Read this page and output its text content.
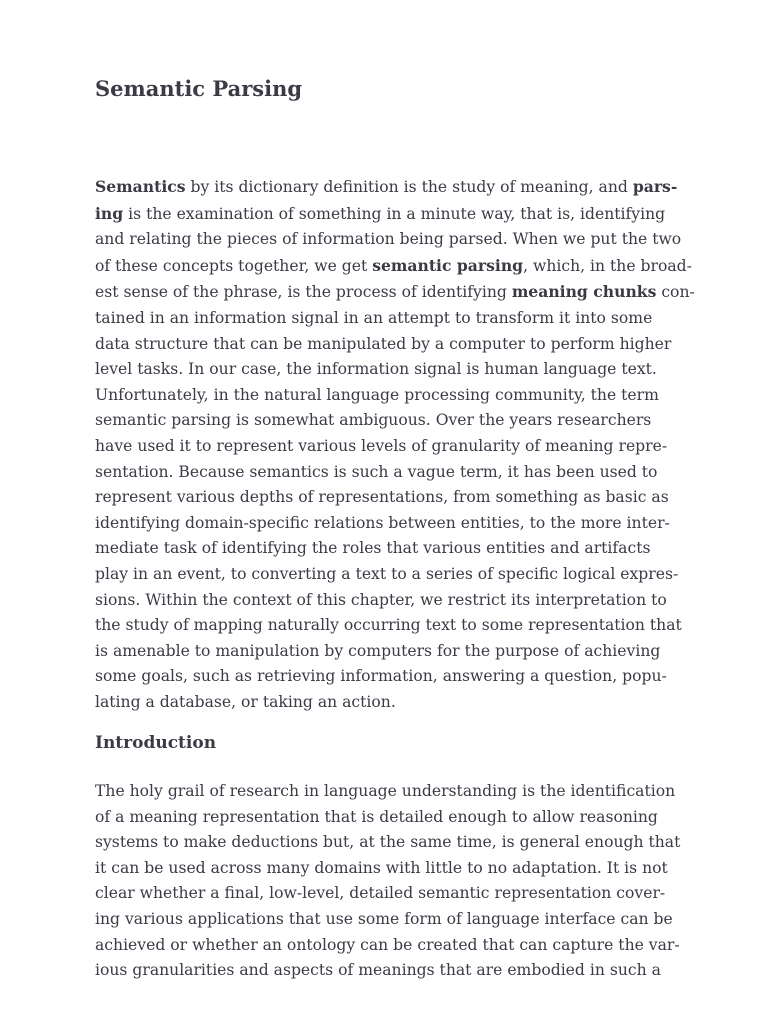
Semantic Parsing

Semantics by its dictionary definition is the study of meaning, and pars-
ing is the examination of something in a minute way, that is, identifying
and relating the pieces of information being parsed. When we put the two
of these concepts together, we get semantic parsing, which, in the broad-
est sense of the phrase, is the process of identifying meaning chunks con-
tained in an information signal in an attempt to transform it into some
data structure that can be manipulated by a computer to perform higher
level tasks. In our case, the information signal is human language text.
Unfortunately, in the natural language processing community, the term
semantic parsing is somewhat ambiguous. Over the years researchers
have used it to represent various levels of granularity of meaning repre-
sentation. Because semantics is such a vague term, it has been used to
represent various depths of representations, from something as basic as
identifying domain-specific relations between entities, to the more inter-
mediate task of identifying the roles that various entities and artifacts
play in an event, to converting a text to a series of specific logical expres-
sions. Within the context of this chapter, we restrict its interpretation to
the study of mapping naturally occurring text to some representation that
is amenable to manipulation by computers for the purpose of achieving
some goals, such as retrieving information, answering a question, popu-
lating a database, or taking an action.

Introduction

The holy grail of research in language understanding is the identification
of a meaning representation that is detailed enough to allow reasoning
systems to make deductions but, at the same time, is general enough that
it can be used across many domains with little to no adaptation. It is not
clear whether a final, low-level, detailed semantic representation cover-
ing various applications that use some form of language interface can be
achieved or whether an ontology can be created that can capture the var-
ious granularities and aspects of meanings that are embodied in such a
